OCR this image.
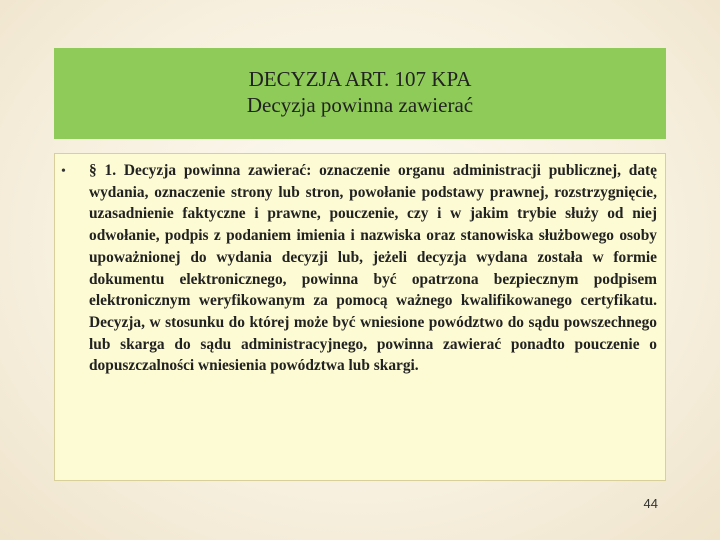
DECYZJA ART. 107 KPA
Decyzja powinna zawierać
• § 1. Decyzja powinna zawierać: oznaczenie organu administracji publicznej, datę wydania, oznaczenie strony lub stron, powołanie podstawy prawnej, rozstrzygnięcie, uzasadnienie faktyczne i prawne, pouczenie, czy i w jakim trybie służy od niej odwołanie, podpis z podaniem imienia i nazwiska oraz stanowiska służbowego osoby upoważnionej do wydania decyzji lub, jeżeli decyzja wydana została w formie dokumentu elektronicznego, powinna być opatrzona bezpiecznym podpisem elektronicznym weryfikowanym za pomocą ważnego kwalifikowanego certyfikatu. Decyzja, w stosunku do której może być wniesione powództwo do sądu powszechnego lub skarga do sądu administracyjnego, powinna zawierać ponadto pouczenie o dopuszczalności wniesienia powództwa lub skargi.
44
